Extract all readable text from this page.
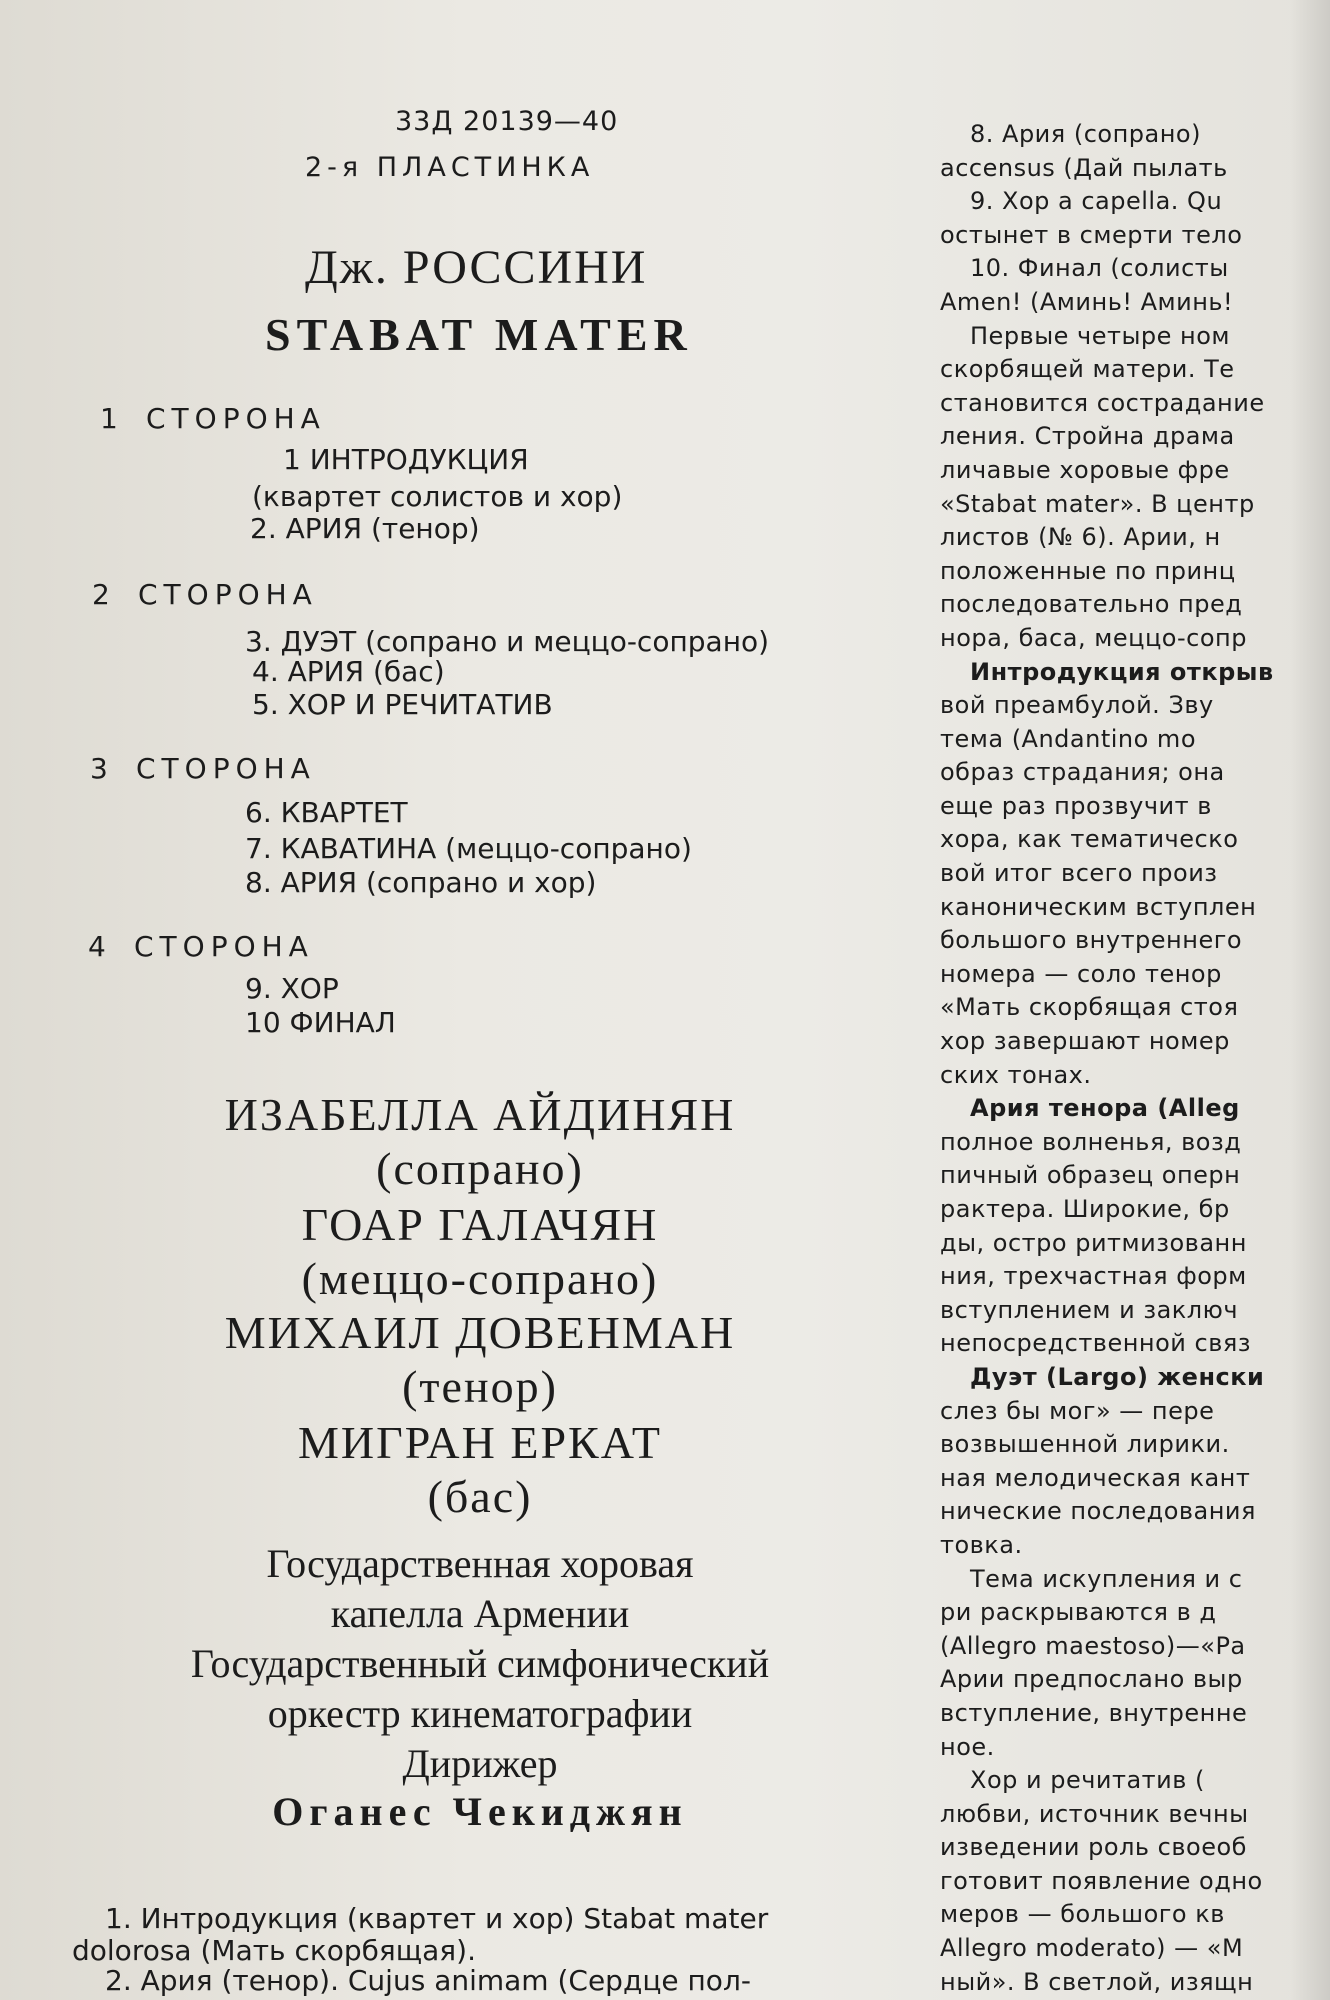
33Д 20139—40
2-я ПЛАСТИНКА
Дж. РОССИНИ
STABAT MATER
1 СТОРОНА
1 ИНТРОДУКЦИЯ
(квартет солистов и хор)
2. АРИЯ (тенор)
2 СТОРОНА
3. ДУЭТ (сопрано и меццо-сопрано)
4. АРИЯ (бас)
5. ХОР И РЕЧИТАТИВ
3 СТОРОНА
6. КВАРТЕТ
7. КАВАТИНА (меццо-сопрано)
8. АРИЯ (сопрано и хор)
4 СТОРОНА
9. ХОР
10 ФИНАЛ
ИЗАБЕЛЛА АЙДИНЯН
(сопрано)
ГОАР ГАЛАЧЯН
(меццо-сопрано)
МИХАИЛ ДОВЕНМАН
(тенор)
МИГРАН ЕРКАТ
(бас)
Государственная хоровая
капелла Армении
Государственный симфонический
оркестр кинематографии
Дирижер
Оганес Чекиджян
1. Интродукция (квартет и хор) Stabat mater
dolorosa (Мать скорбящая).
2. Ария (тенор). Cujus animam (Сердце пол-
8. Ария (сопрано)
accensus (Дай пылать
9. Хор a capella. Qu
остынет в смерти тело
10. Финал (солисты
Amen! (Аминь! Аминь!
Первые четыре ном
скорбящей матери. Те
становится сострадание
ления. Стройна драма
личавые хоровые фре
«Stabat mater». В центр
листов (№ 6). Арии, н
положенные по принц
последовательно пред
нора, баса, меццо-сопр
Интродукция открыв
вой преамбулой. Зву
тема (Andantino mo
образ страдания; она
еще раз прозвучит в
хора, как тематическо
вой итог всего произ
каноническим вступлен
большого внутреннего
номера — соло тенор
«Мать скорбящая стоя
хор завершают номер
ских тонах.
Ария тенора (Alleg
полное волненья, возд
пичный образец оперн
рактера. Широкие, бр
ды, остро ритмизованн
ния, трехчастная форм
вступлением и заключ
непосредственной связ
Дуэт (Largo) женски
слез бы мог» — пере
возвышенной лирики.
ная мелодическая кант
нические последования
товка.
Тема искупления и с
ри раскрываются в д
(Allegro maestoso)—«Ра
Арии предпослано выр
вступление, внутренне
ное.
Хор и речитатив (
любви, источник вечны
изведении роль своеоб
готовит появление одно
меров — большого кв
Allegro moderato) — «М
ный». В светлой, изящн
